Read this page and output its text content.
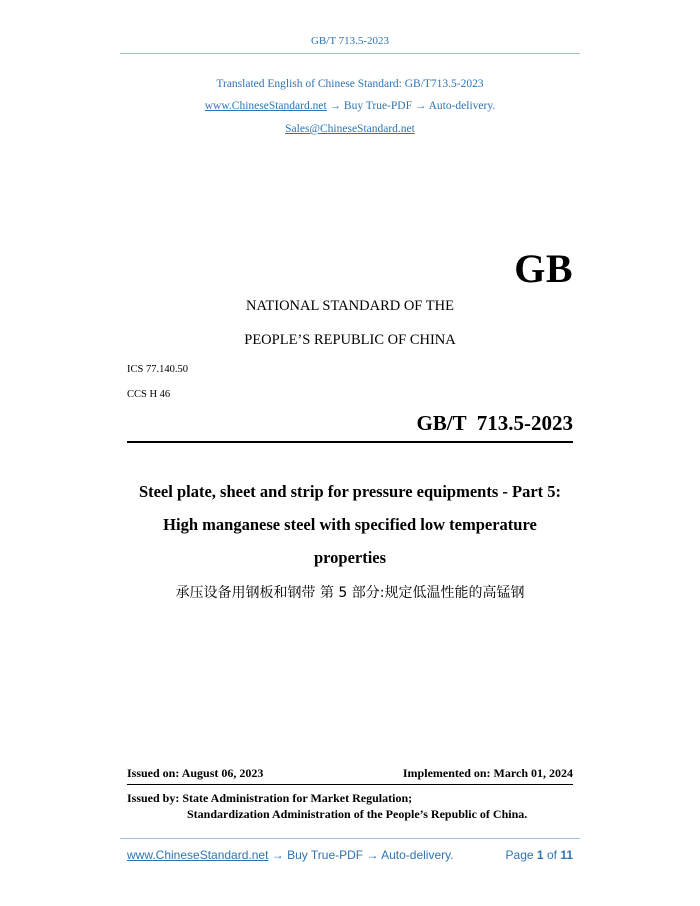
GB/T 713.5-2023
Translated English of Chinese Standard: GB/T713.5-2023
www.ChineseStandard.net → Buy True-PDF → Auto-delivery.
Sales@ChineseStandard.net
GB
NATIONAL STANDARD OF THE
PEOPLE’S REPUBLIC OF CHINA
ICS 77.140.50
CCS H 46
GB/T  713.5-2023
Steel plate, sheet and strip for pressure equipments - Part 5:
High manganese steel with specified low temperature
properties
承压设备用钢板和钢带 第 5 部分:规定低温性能的高锰钢
Issued on: August 06, 2023	Implemented on: March 01, 2024
Issued by: State Administration for Market Regulation;
Standardization Administration of the People’s Republic of China.
www.ChineseStandard.net → Buy True-PDF → Auto-delivery.	Page 1 of 11
